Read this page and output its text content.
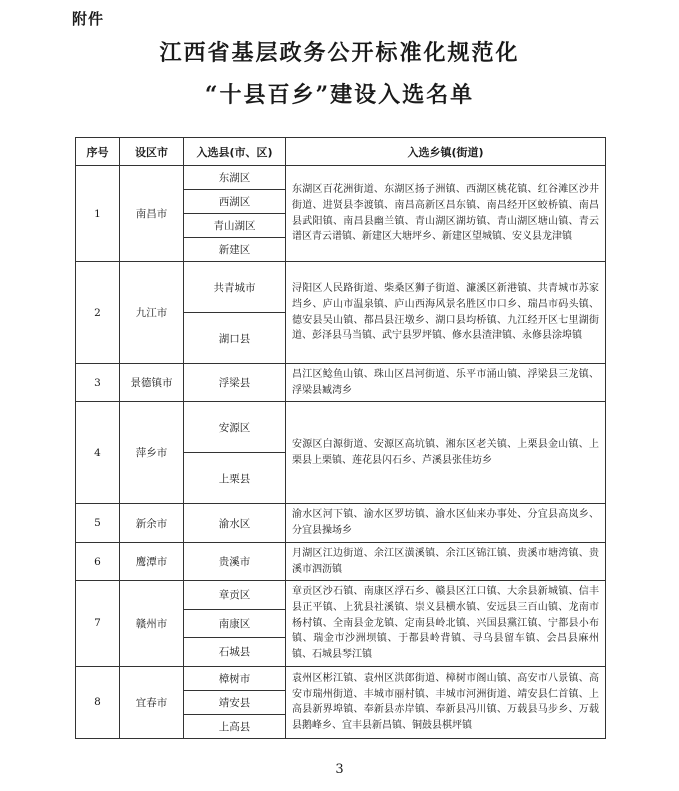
附件
江西省基层政务公开标准化规范化
“十县百乡”建设入选名单
序号	设区市	入选县(市、区)	入选乡镇(街道)
1	南昌市	东湖区	东湖区百花洲街道、东湖区扬子洲镇、西湖区桃花镇、红谷滩区沙井街道、进贤县李渡镇、南昌高新区昌东镇、南昌经开区蛟桥镇、南昌县武阳镇、南昌县幽兰镇、青山湖区湖坊镇、青山湖区塘山镇、青云谱区青云谱镇、新建区大塘坪乡、新建区望城镇、安义县龙津镇
		西湖区	
		青山湖区	
		新建区	
2	九江市	共青城市	浔阳区人民路街道、柴桑区狮子街道、濂溪区新港镇、共青城市苏家垱乡、庐山市温泉镇、庐山西海风景名胜区巾口乡、瑞昌市码头镇、德安县吴山镇、都昌县汪墩乡、湖口县均桥镇、九江经开区七里湖街道、彭泽县马当镇、武宁县罗坪镇、修水县渣津镇、永修县涂埠镇
		湖口县	
3	景德镇市	浮梁县	昌江区鲶鱼山镇、珠山区昌河街道、乐平市涌山镇、浮梁县三龙镇、浮梁县臧湾乡
4	萍乡市	安源区	安源区白源街道、安源区高坑镇、湘东区老关镇、上栗县金山镇、上栗县上栗镇、莲花县闪石乡、芦溪县张佳坊乡
		上栗县	
5	新余市	渝水区	渝水区河下镇、渝水区罗坊镇、渝水区仙来办事处、分宜县高岚乡、分宜县操场乡
6	鹰潭市	贵溪市	月湖区江边街道、余江区潢溪镇、余江区锦江镇、贵溪市塘湾镇、贵溪市泗沥镇
7	赣州市	章贡区	章贡区沙石镇、南康区浮石乡、赣县区江口镇、大余县新城镇、信丰县正平镇、上犹县社溪镇、崇义县横水镇、安远县三百山镇、龙南市杨村镇、全南县金龙镇、定南县岭北镇、兴国县黨江镇、宁都县小布镇、瑞金市沙洲坝镇、于都县岭背镇、寻乌县留车镇、会昌县麻州镇、石城县琴江镇
		南康区	
		石城县	
8	宜春市	樟树市	袁州区彬江镇、袁州区洪郎街道、樟树市阁山镇、高安市八景镇、高安市瑞州街道、丰城市丽村镇、丰城市河洲街道、靖安县仁首镇、上高县新界埠镇、奉新县赤岸镇、奉新县冯川镇、万载县马步乡、万载县鹅峰乡、宜丰县新昌镇、铜鼓县棋坪镇
		靖安县	
		上高县	
3
